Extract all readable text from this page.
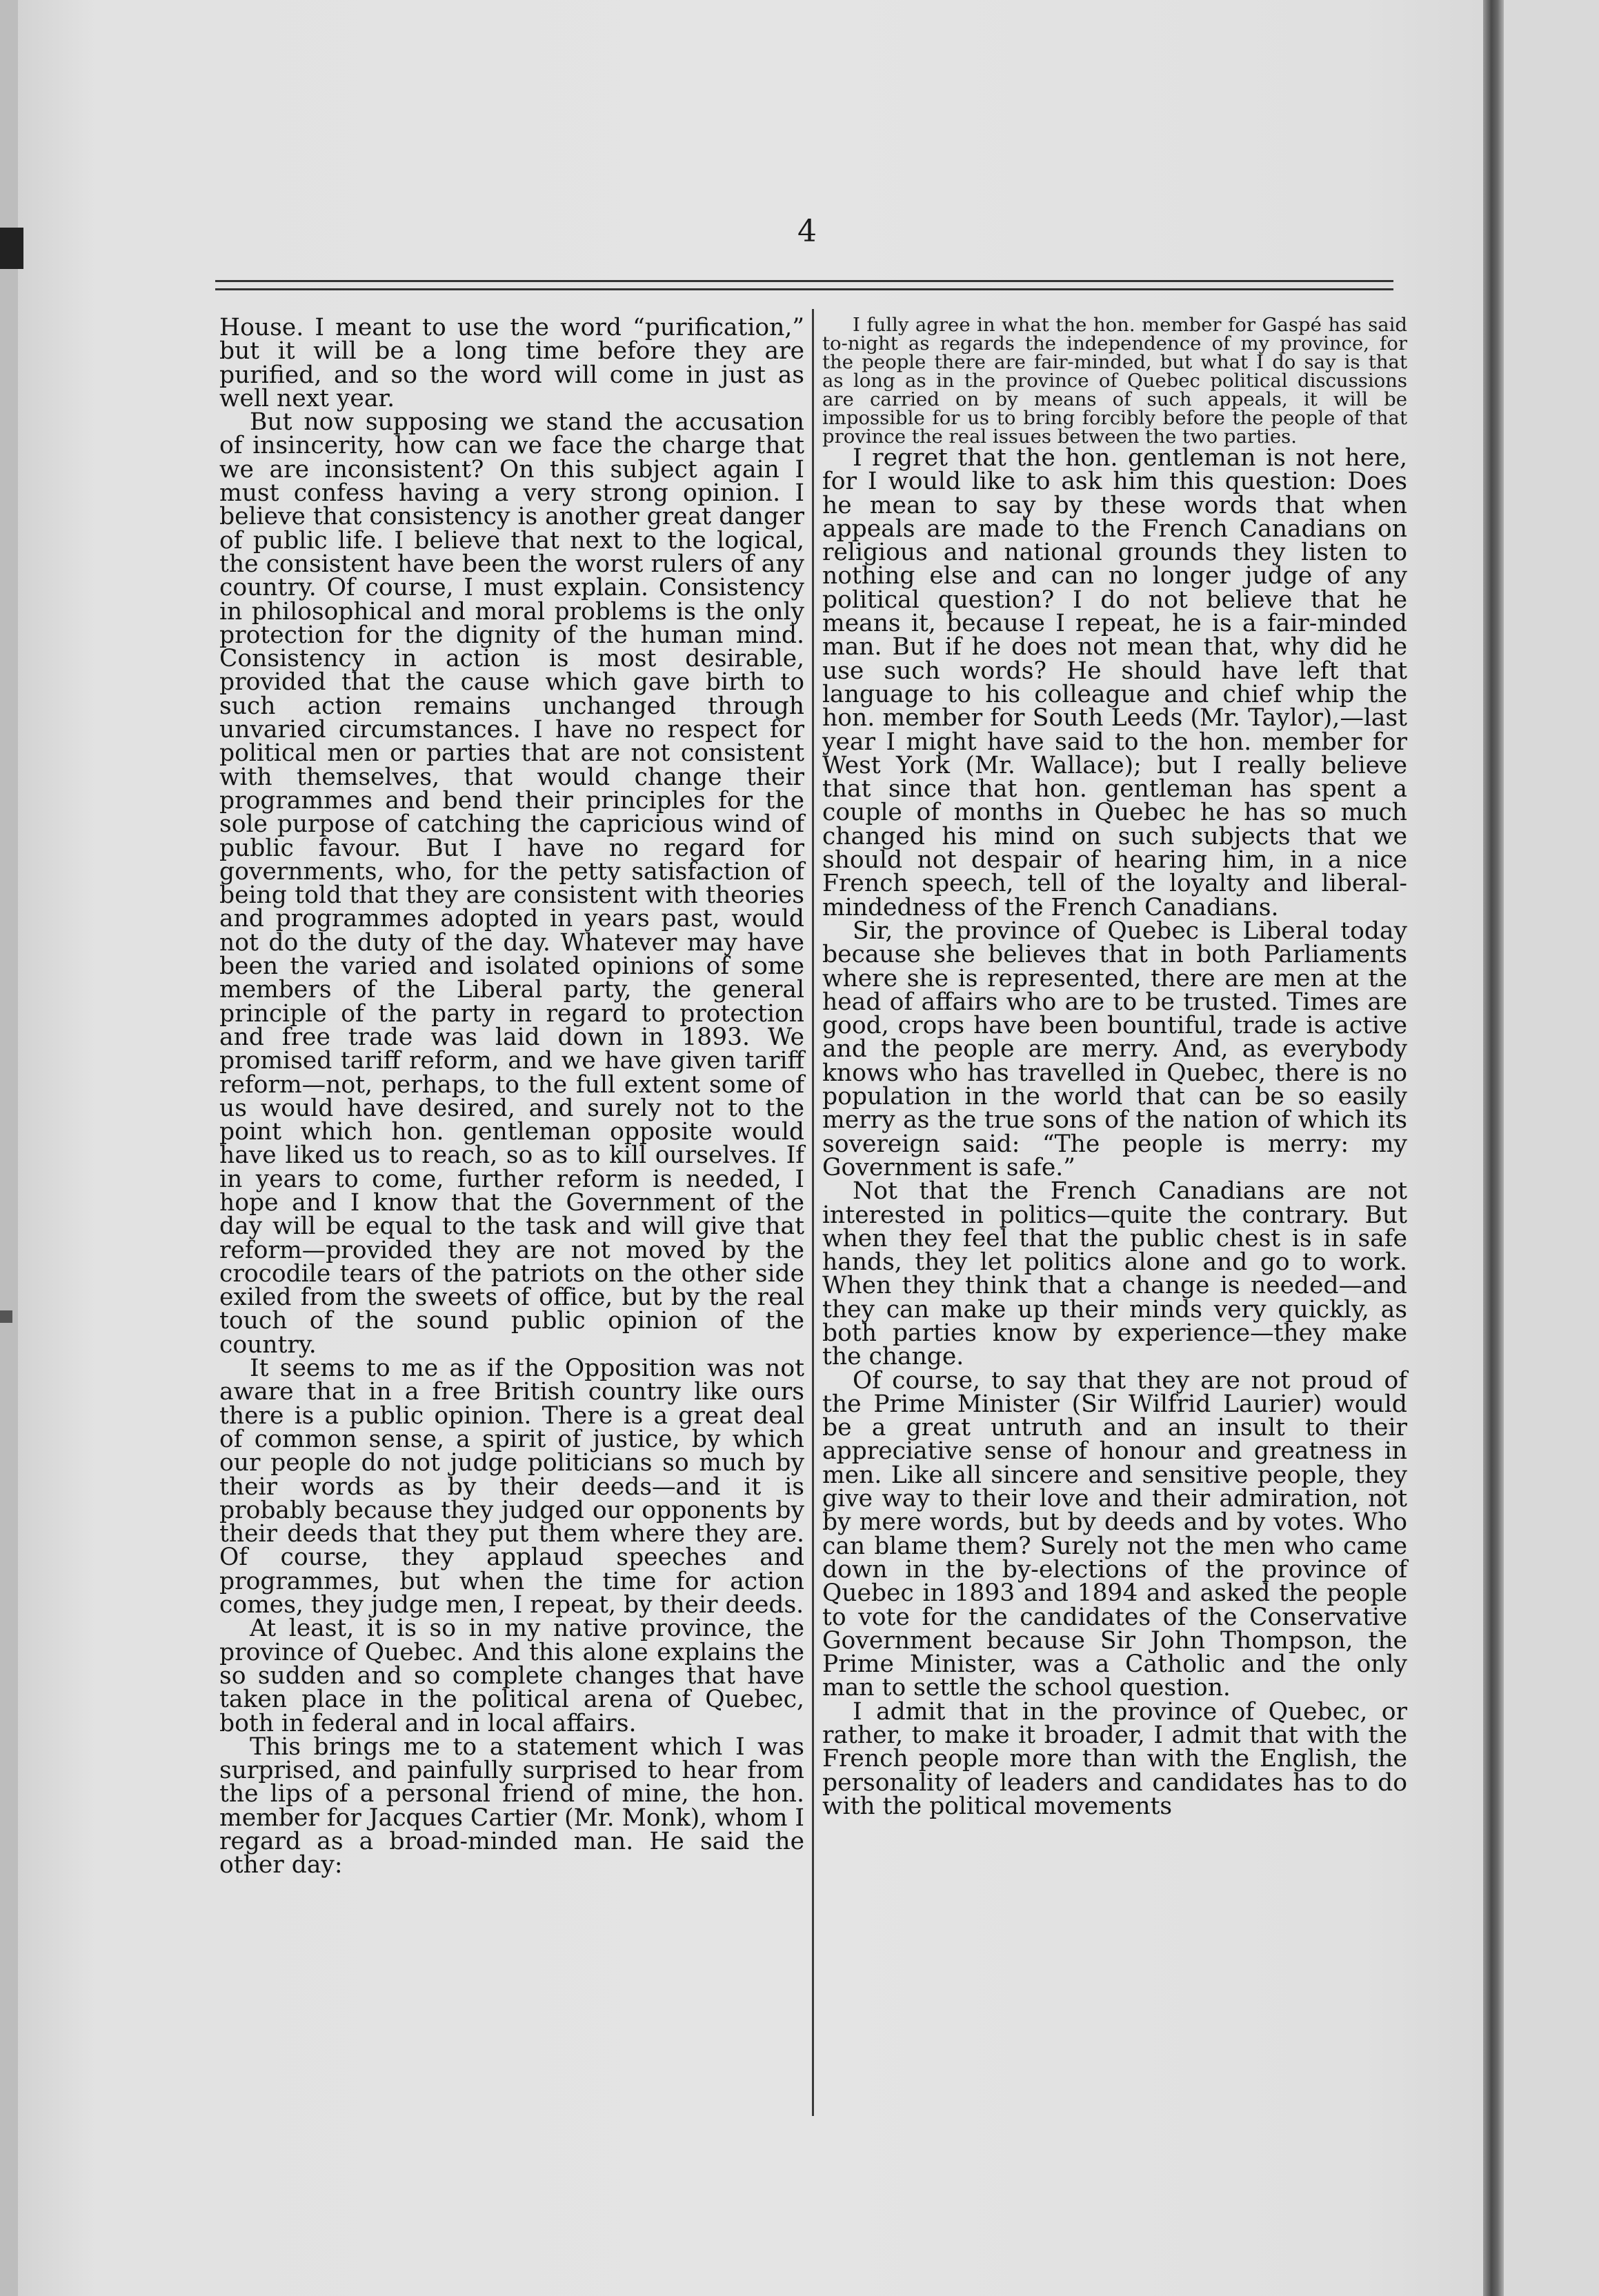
4

House. I meant to use the word “purification,” but it will be a long time before they are purified, and so the word will come in just as well next year.

But now supposing we stand the accusation of insincerity, how can we face the charge that we are inconsistent? On this subject again I must confess having a very strong opinion. I believe that consistency is another great danger of public life. I believe that next to the logical, the consistent have been the worst rulers of any country. Of course, I must explain. Consistency in philosophical and moral problems is the only protection for the dignity of the human mind. Consistency in action is most desirable, provided that the cause which gave birth to such action remains unchanged through unvaried circumstances. I have no respect for political men or parties that are not consistent with themselves, that would change their programmes and bend their principles for the sole purpose of catching the capricious wind of public favour. But I have no regard for governments, who, for the petty satisfaction of being told that they are consistent with theories and programmes adopted in years past, would not do the duty of the day. Whatever may have been the varied and isolated opinions of some members of the Liberal party, the general principle of the party in regard to protection and free trade was laid down in 1893. We promised tariff reform, and we have given tariff reform—not, perhaps, to the full extent some of us would have desired, and surely not to the point which hon. gentleman opposite would have liked us to reach, so as to kill ourselves. If in years to come, further reform is needed, I hope and I know that the Government of the day will be equal to the task and will give that reform—provided they are not moved by the crocodile tears of the patriots on the other side exiled from the sweets of office, but by the real touch of the sound public opinion of the country.

It seems to me as if the Opposition was not aware that in a free British country like ours there is a public opinion. There is a great deal of common sense, a spirit of justice, by which our people do not judge politicians so much by their words as by their deeds—and it is probably because they judged our opponents by their deeds that they put them where they are. Of course, they applaud speeches and programmes, but when the time for action comes, they judge men, I repeat, by their deeds.

At least, it is so in my native province, the province of Quebec. And this alone explains the so sudden and so complete changes that have taken place in the political arena of Quebec, both in federal and in local affairs.

This brings me to a statement which I was surprised, and painfully surprised to hear from the lips of a personal friend of mine, the hon. member for Jacques Cartier (Mr. Monk), whom I regard as a broad-minded man. He said the other day:

I fully agree in what the hon. member for Gaspé has said to-night as regards the independence of my province, for the people there are fair-minded, but what I do say is that as long as in the province of Quebec political discussions are carried on by means of such appeals, it will be impossible for us to bring forcibly before the people of that province the real issues between the two parties.

I regret that the hon. gentleman is not here, for I would like to ask him this question: Does he mean to say by these words that when appeals are made to the French Canadians on religious and national grounds they listen to nothing else and can no longer judge of any political question? I do not believe that he means it, because I repeat, he is a fair-minded man. But if he does not mean that, why did he use such words? He should have left that language to his colleague and chief whip the hon. member for South Leeds (Mr. Taylor),—last year I might have said to the hon. member for West York (Mr. Wallace); but I really believe that since that hon. gentleman has spent a couple of months in Quebec he has so much changed his mind on such subjects that we should not despair of hearing him, in a nice French speech, tell of the loyalty and liberal-mindedness of the French Canadians.

Sir, the province of Quebec is Liberal today because she believes that in both Parliaments where she is represented, there are men at the head of affairs who are to be trusted. Times are good, crops have been bountiful, trade is active and the people are merry. And, as everybody knows who has travelled in Quebec, there is no population in the world that can be so easily merry as the true sons of the nation of which its sovereign said: “The people is merry: my Government is safe.”

Not that the French Canadians are not interested in politics—quite the contrary. But when they feel that the public chest is in safe hands, they let politics alone and go to work. When they think that a change is needed—and they can make up their minds very quickly, as both parties know by experience—they make the change.

Of course, to say that they are not proud of the Prime Minister (Sir Wilfrid Laurier) would be a great untruth and an insult to their appreciative sense of honour and greatness in men. Like all sincere and sensitive people, they give way to their love and their admiration, not by mere words, but by deeds and by votes. Who can blame them? Surely not the men who came down in the by-elections of the province of Quebec in 1893 and 1894 and asked the people to vote for the candidates of the Conservative Government because Sir John Thompson, the Prime Minister, was a Catholic and the only man to settle the school question.

I admit that in the province of Quebec, or rather, to make it broader, I admit that with the French people more than with the English, the personality of leaders and candidates has to do with the political movements
